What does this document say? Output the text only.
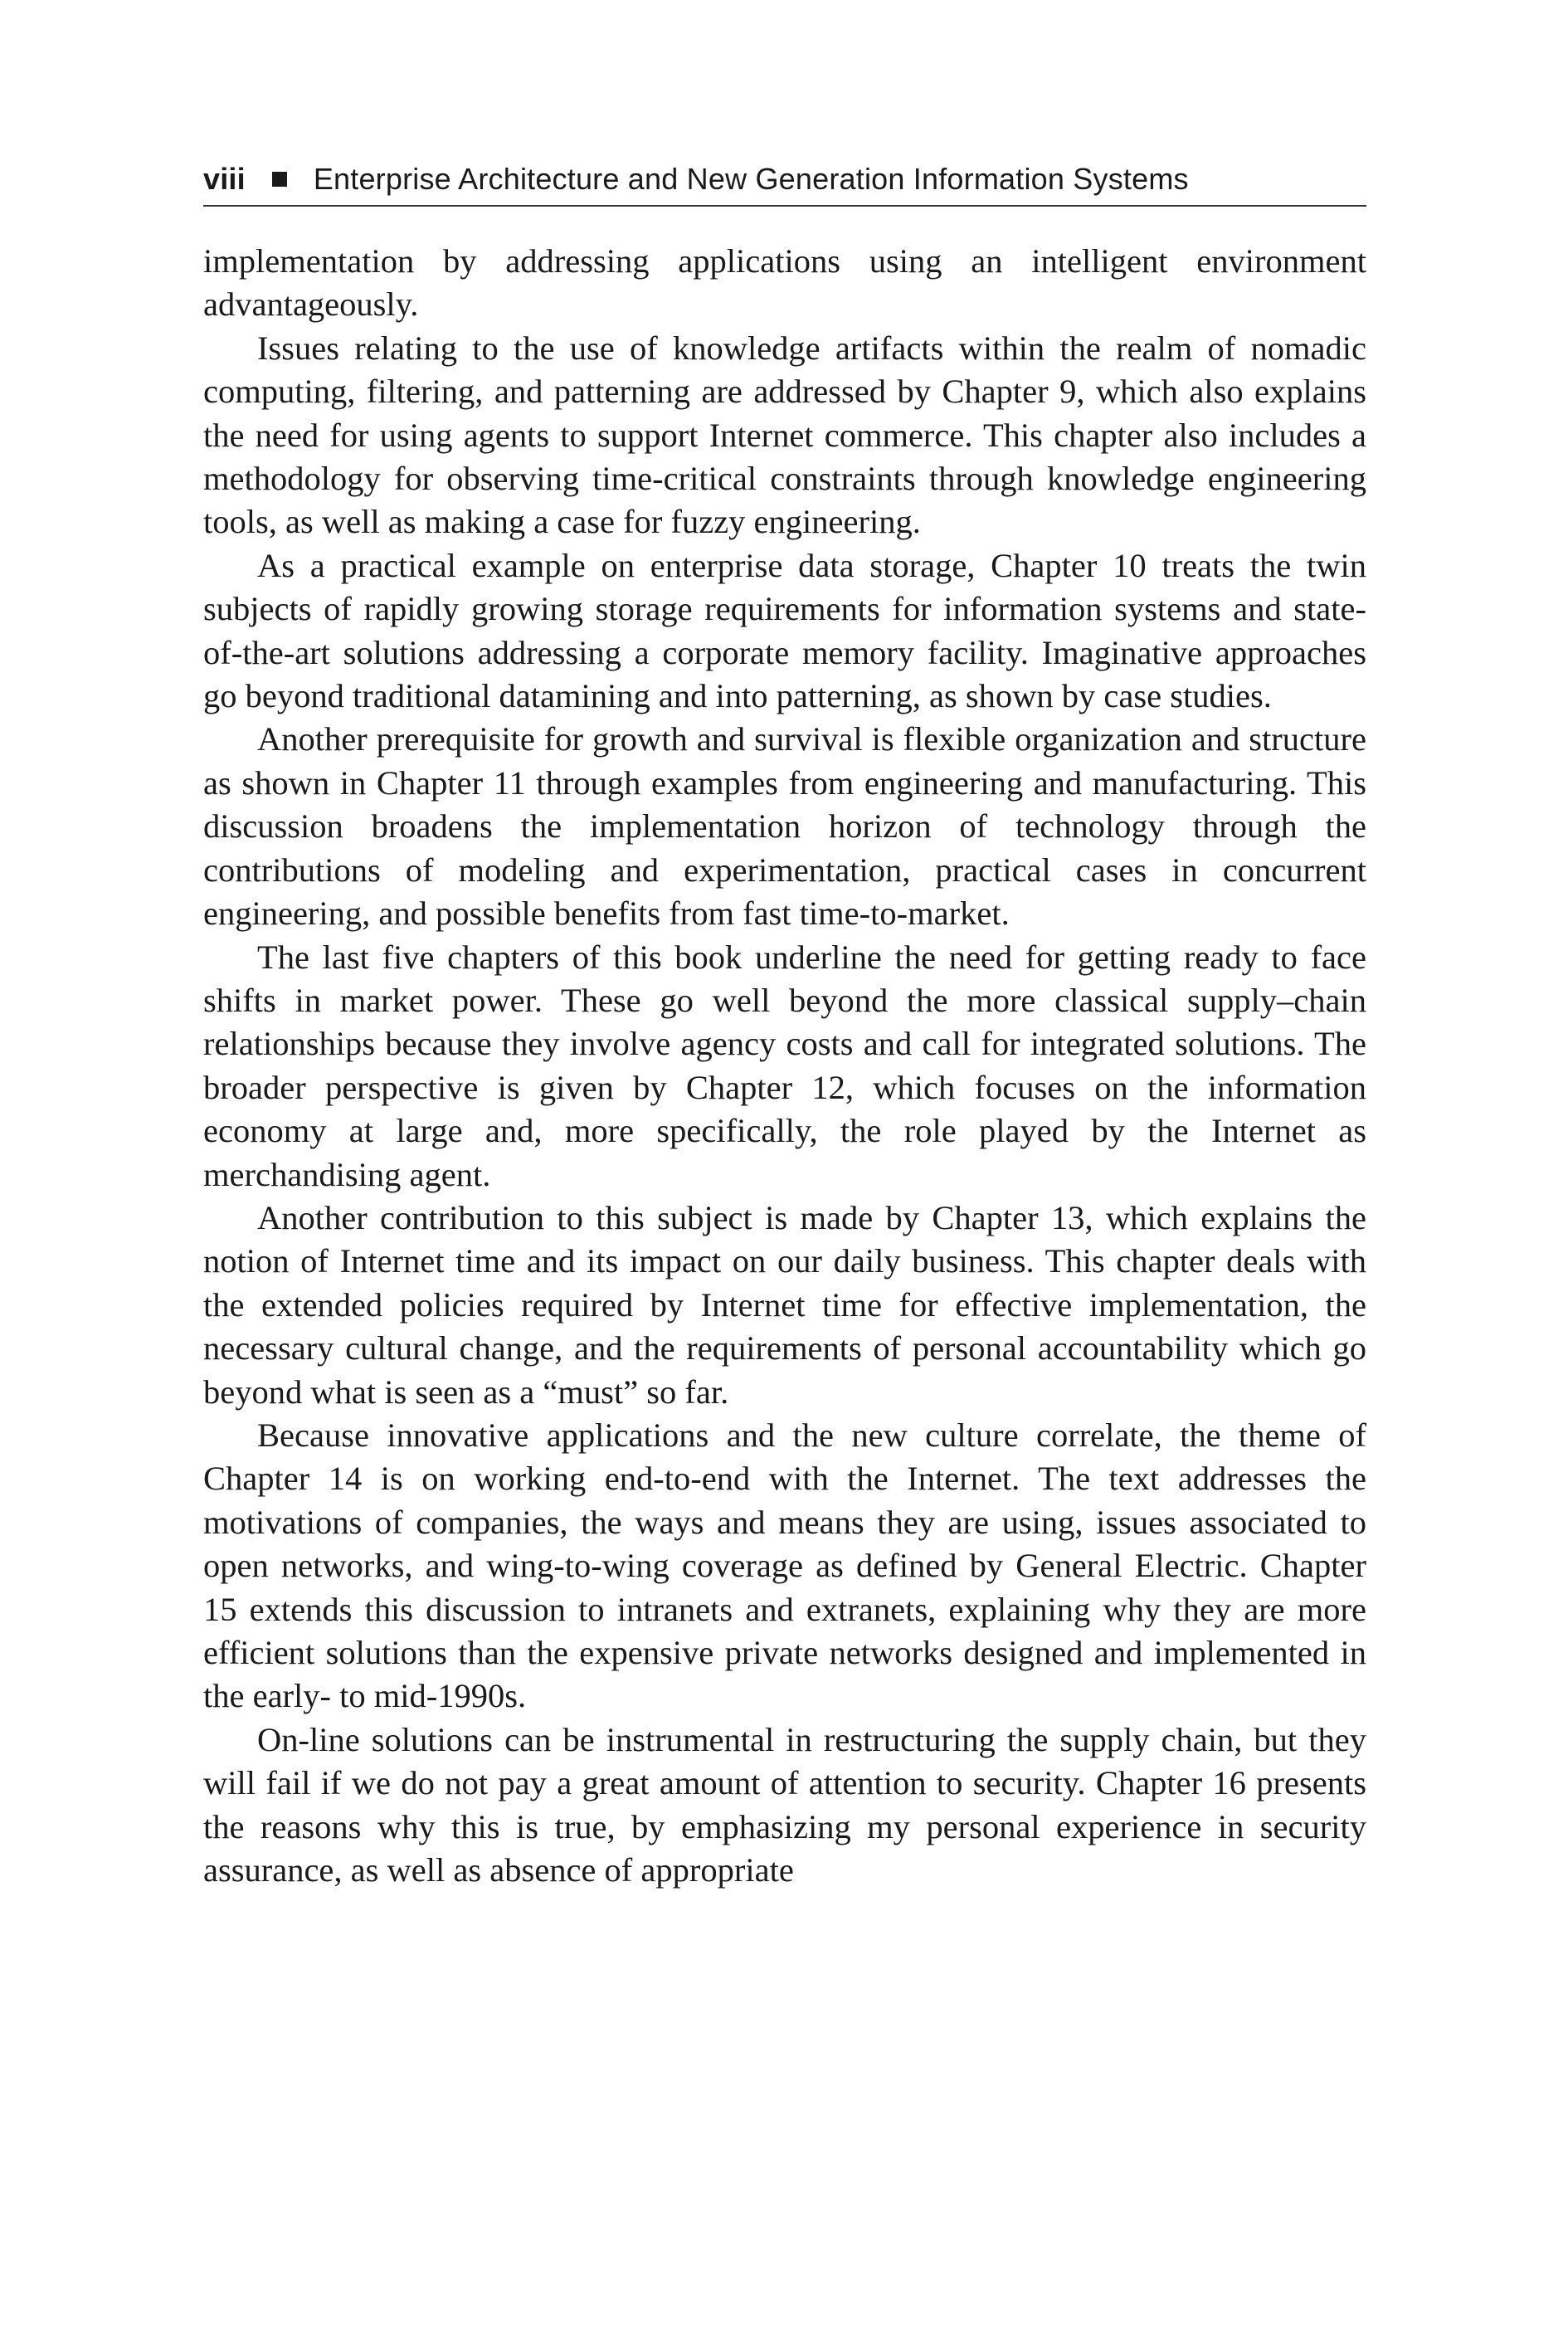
viii Enterprise Architecture and New Generation Information Systems

implementation by addressing applications using an intelligent environment advantageously.

Issues relating to the use of knowledge artifacts within the realm of nomadic computing, filtering, and patterning are addressed by Chapter 9, which also explains the need for using agents to support Internet commerce. This chapter also includes a methodology for observing time-critical constraints through knowledge engineering tools, as well as making a case for fuzzy engineering.

As a practical example on enterprise data storage, Chapter 10 treats the twin subjects of rapidly growing storage requirements for information systems and state-of-the-art solutions addressing a corporate memory facility. Imaginative approaches go beyond traditional datamining and into patterning, as shown by case studies.

Another prerequisite for growth and survival is flexible organization and structure as shown in Chapter 11 through examples from engineering and manufacturing. This discussion broadens the implementation horizon of technology through the contributions of modeling and experimentation, practical cases in concurrent engineering, and possible benefits from fast time-to-market.

The last five chapters of this book underline the need for getting ready to face shifts in market power. These go well beyond the more classical supply–chain relationships because they involve agency costs and call for integrated solutions. The broader perspective is given by Chapter 12, which focuses on the information economy at large and, more specifically, the role played by the Internet as merchandising agent.

Another contribution to this subject is made by Chapter 13, which explains the notion of Internet time and its impact on our daily business. This chapter deals with the extended policies required by Internet time for effective implementation, the necessary cultural change, and the requirements of personal accountability which go beyond what is seen as a “must” so far.

Because innovative applications and the new culture correlate, the theme of Chapter 14 is on working end-to-end with the Internet. The text addresses the motivations of companies, the ways and means they are using, issues associated to open networks, and wing-to-wing coverage as defined by General Electric. Chapter 15 extends this discussion to intranets and extranets, explaining why they are more efficient solutions than the expensive private networks designed and implemented in the early- to mid-1990s.

On-line solutions can be instrumental in restructuring the supply chain, but they will fail if we do not pay a great amount of attention to security. Chapter 16 presents the reasons why this is true, by emphasizing my personal experience in security assurance, as well as absence of appropriate
